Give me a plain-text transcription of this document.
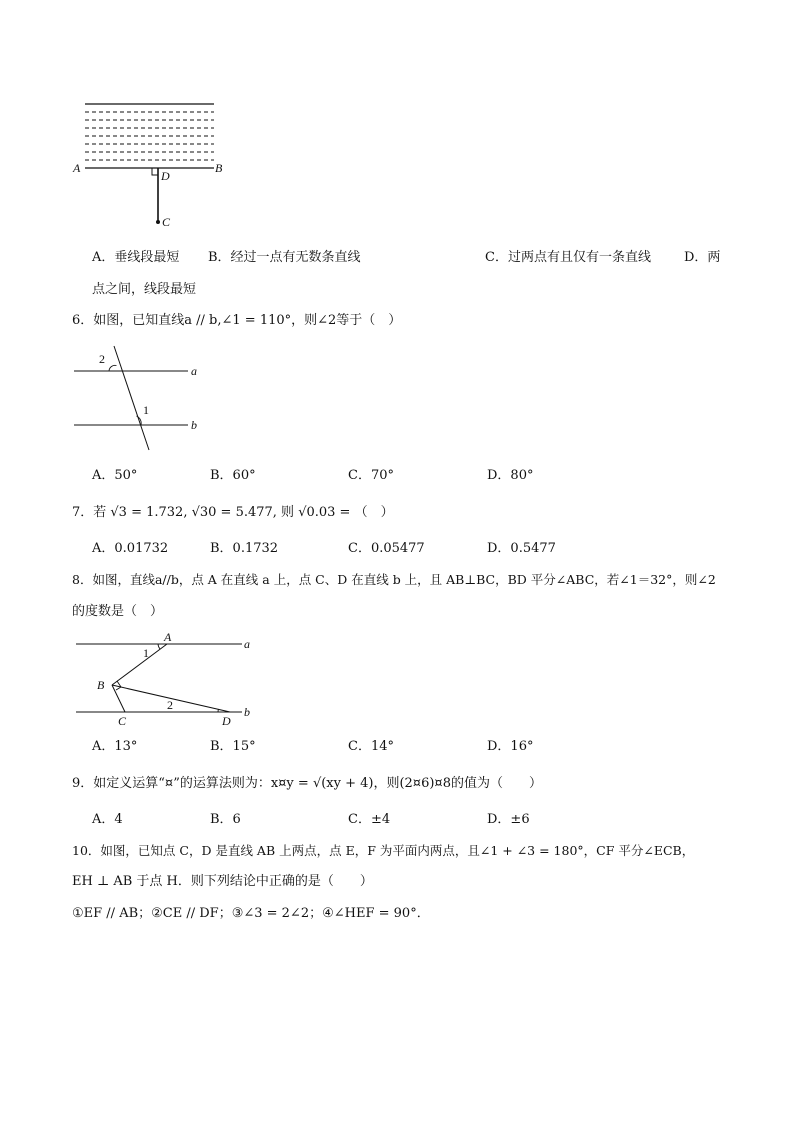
A	B
D
C
A．垂线段最短 B．经过一点有无数条直线	C．过两点有且仅有一条直线	D．两
点之间，线段最短
6．如图，已知直线a // b,∠1 = 110°，则∠2等于（　）
2
a
1
b
A．50°	B．60°	C．70°	D．80°
7．若 √3 = 1.732, √30 = 5.477, 则 √0.03 = （　）
A．0.01732	B．0.1732	C．0.05477	D．0.5477
8．如图，直线a//b，点 A 在直线 a 上，点 C、D 在直线 b 上，且 AB⊥BC，BD 平分∠ABC，若∠1＝32°，则∠2
的度数是（　）
A	a
1
B
2
C	D
b
A．13°	B．15°	C．14°	D．16°
9．如定义运算“¤”的运算法则为：x¤y = √(xy + 4)，则(2¤6)¤8的值为（　　）
A．4	B．6	C．±4	D．±6
10．如图，已知点 C，D 是直线 AB 上两点，点 E，F 为平面内两点，且∠1 + ∠3 = 180°，CF 平分∠ECB，
EH ⊥ AB 于点 H．则下列结论中正确的是（　　）
①EF // AB；②CE // DF；③∠3 = 2∠2；④∠HEF = 90°．
